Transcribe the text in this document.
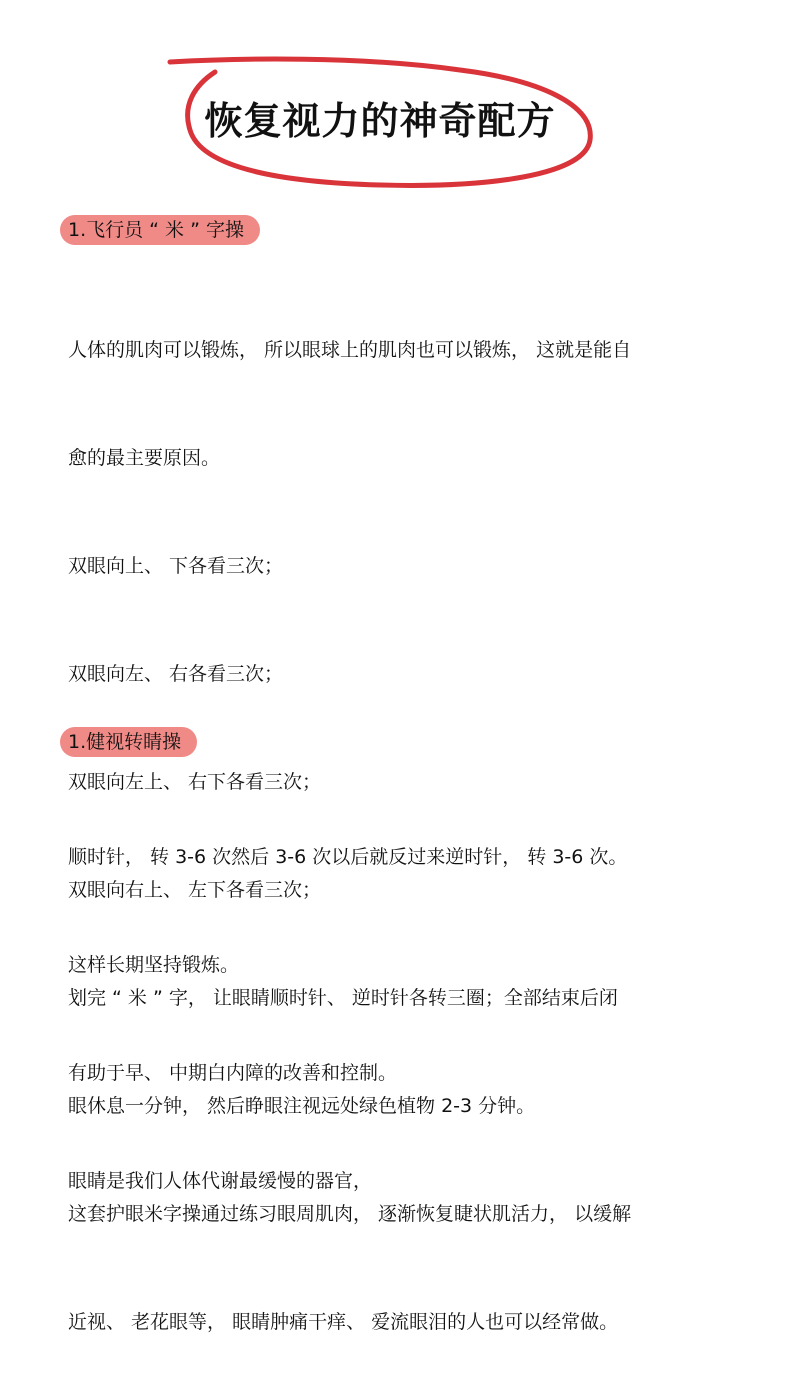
恢复视力的神奇配方
1.飞行员 “ 米 ” 字操

人体的肌肉可以锻炼， 所以眼球上的肌肉也可以锻炼， 这就是能自

愈的最主要原因。

双眼向上、 下各看三次；

双眼向左、 右各看三次；

双眼向左上、 右下各看三次；

双眼向右上、 左下各看三次；

划完 “ 米 ” 字， 让眼睛顺时针、 逆时针各转三圈；全部结束后闭

眼休息一分钟， 然后睁眼注视远处绿色植物 2-3 分钟。

这套护眼米字操通过练习眼周肌肉， 逐渐恢复睫状肌活力， 以缓解

近视、 老花眼等， 眼睛肿痛干痒、 爱流眼泪的人也可以经常做。

1.健视转睛操

顺时针， 转 3-6 次然后 3-6 次以后就反过来逆时针， 转 3-6 次。

这样长期坚持锻炼。

有助于早、 中期白内障的改善和控制。

眼睛是我们人体代谢最缓慢的器官，
